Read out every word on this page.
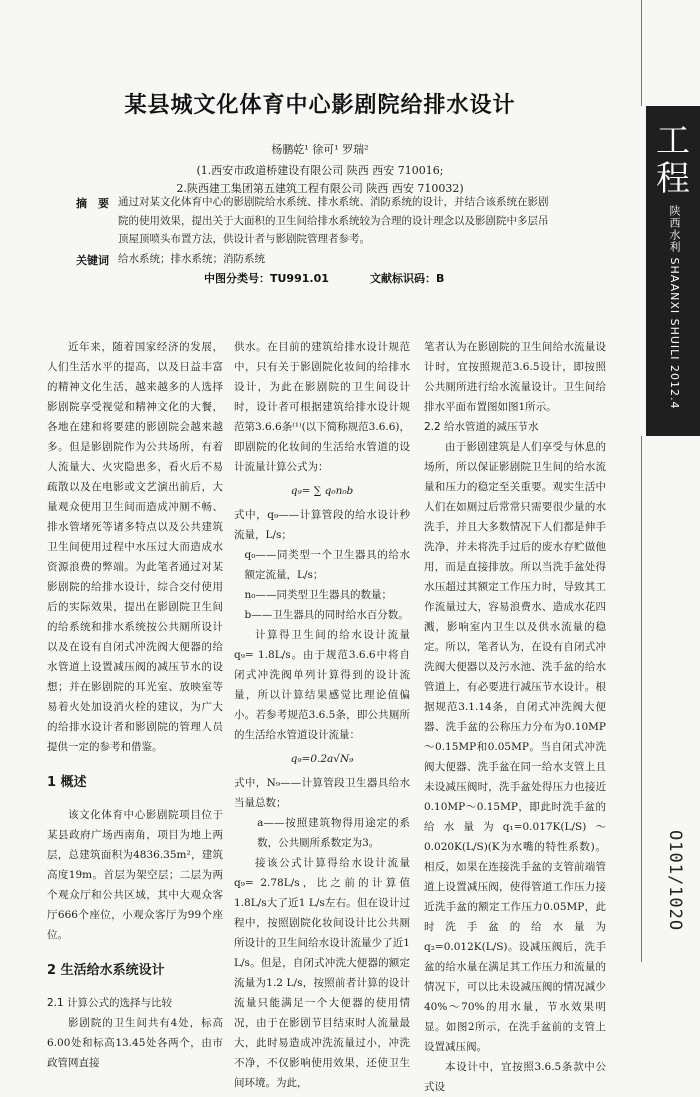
工
程
陕西水利 SHAANXI SHUILI 2012.4
O101/102O
某县城文化体育中心影剧院给排水设计
杨鹏乾¹ 徐可¹ 罗瑞²
(1.西安市政道桥建设有限公司 陕西 西安 710016;
2.陕西建工集团第五建筑工程有限公司 陕西 西安 710032)
摘　要 通过对某文化体育中心的影剧院给水系统、排水系统、消防系统的设计，并结合该系统在影剧院的使用效果，提出关于大面积的卫生间给排水系统较为合理的设计理念以及影剧院中多层吊顶屋顶喷头布置方法，供设计者与影剧院管理者参考。
关键词 给水系统；排水系统；消防系统
中图分类号：TU991.01	文献标识码：B

近年来，随着国家经济的发展，人们生活水平的提高，以及日益丰富的精神文化生活，越来越多的人选择影剧院享受视觉和精神文化的大餐，各地在建和将要建的影剧院会越来越多。但是影剧院作为公共场所，有着人流量大、火灾隐患多，看火后不易疏散以及在电影或文艺演出前后，大量观众使用卫生间而造成冲厕不畅、排水管堵死等诸多特点以及公共建筑卫生间使用过程中水压过大而造成水资源浪费的弊端。为此笔者通过对某影剧院的给排水设计，综合交付使用后的实际效果，提出在影剧院卫生间的给系统和排水系统按公共厕所设计以及在设有自闭式冲洗阀大便器的给水管道上设置减压阀的减压节水的设想；并在影剧院的耳光室、放映室等易着火处加设消火栓的建议，为广大的给排水设计者和影剧院的管理人员提供一定的参考和借鉴。

1 概述

该文化体育中心影剧院项目位于某县政府广场西南角，项目为地上两层，总建筑面积为4836.35m²，建筑高度19m。首层为架空层；二层为两个观众厅和公共区域，其中大观众客厅666个座位，小观众客厅为99个座位。

2 生活给水系统设计
2.1 计算公式的选择与比较

影剧院的卫生间共有4处，标高6.00处和标高13.45处各两个，由市政管网直接

供水。在目前的建筑给排水设计规范中，只有关于影剧院化妆间的给排水设计，为此在影剧院的卫生间设计时，设计者可根据建筑给排水设计规范第3.6.6条⁽¹⁾(以下简称规范3.6.6)，即剧院的化妆间的生活给水管道的设计流量计算公式为：

q₉= ∑ q₀n₀b

式中，q₉——计算管段的给水设计秒流量，L/s；

q₀——同类型一个卫生器具的给水额定流量，L/s；

n₀——同类型卫生器具的数量；

b——卫生器具的同时给水百分数。

计算得卫生间的给水设计流量q₉= 1.8L/s。由于规范3.6.6中将自闭式冲洗阀单列计算得到的设计流量，所以计算结果感觉比理论值偏小。若参考规范3.6.5条，即公共厕所的生活给水管道设计流量：

q₉=0.2a√N₉

式中，N₉——计算管段卫生器具给水当量总数；

a——按照建筑物得用途定的系数，公共厕所系数定为3。

接该公式计算得给水设计流量q₉= 2.78L/s，比之前的计算值1.8L/s大了近1 L/s左右。但在设计过程中，按照剧院化妆间设计比公共厕所设计的卫生间给水设计流量少了近1 L/s。但是，自闭式冲洗大便器的额定流量为1.2 L/s，按照前者计算的设计流量只能满足一个大便器的使用情况，由于在影剧节目结束时人流量最大，此时易造成冲洗流量过小，冲洗不净，不仅影响使用效果，还使卫生间环境。为此，

笔者认为在影剧院的卫生间给水流量设计时，宜按照规范3.6.5设计，即按照公共厕所进行给水流量设计。卫生间给排水平面布置图如图1所示。

2.2 给水管道的减压节水

由于影剧建筑是人们享受与休息的场所，所以保证影剧院卫生间的给水流量和压力的稳定至关重要。观实生活中人们在如厕过后常常只需要很少量的水洗手，并且大多数情况下人们都是伸手洗净，并未将洗手过后的废水存贮做他用，而是直接排放。所以当洗手盆处得水压超过其额定工作压力时，导致其工作流量过大，容易浪费水、造成水花四溅，影响室内卫生以及供水流量的稳定。所以，笔者认为，在设有自闭式冲洗阀大便器以及污水池、洗手盆的给水管道上，有必要进行减压节水设计。根据规范3.1.14条，自闭式冲洗阀大便器、洗手盆的公称压力分布为0.10MP～0.15MP和0.05MP。当自闭式冲洗阀大便器、洗手盆在同一给水支管上且未设减压阀时，洗手盆处得压力也接近0.10MP～0.15MP，即此时洗手盆的给水量为q₁=0.017K(L/S)～0.020K(L/S)(K为水嘴的特性系数)。相反，如果在连接洗手盆的支管前端管道上设置减压阀，使得管道工作压力接近洗手盆的额定工作压力0.05MP，此时洗手盆的给水量为q₂=0.012K(L/S)。设减压阀后，洗手盆的给水量在满足其工作压力和流量的情况下，可以比未设减压阀的情况减少40%～70%的用水量，节水效果明显。如图2所示，在洗手盆前的支管上设置减压阀。

本设计中，宜按照3.6.5条款中公式设
